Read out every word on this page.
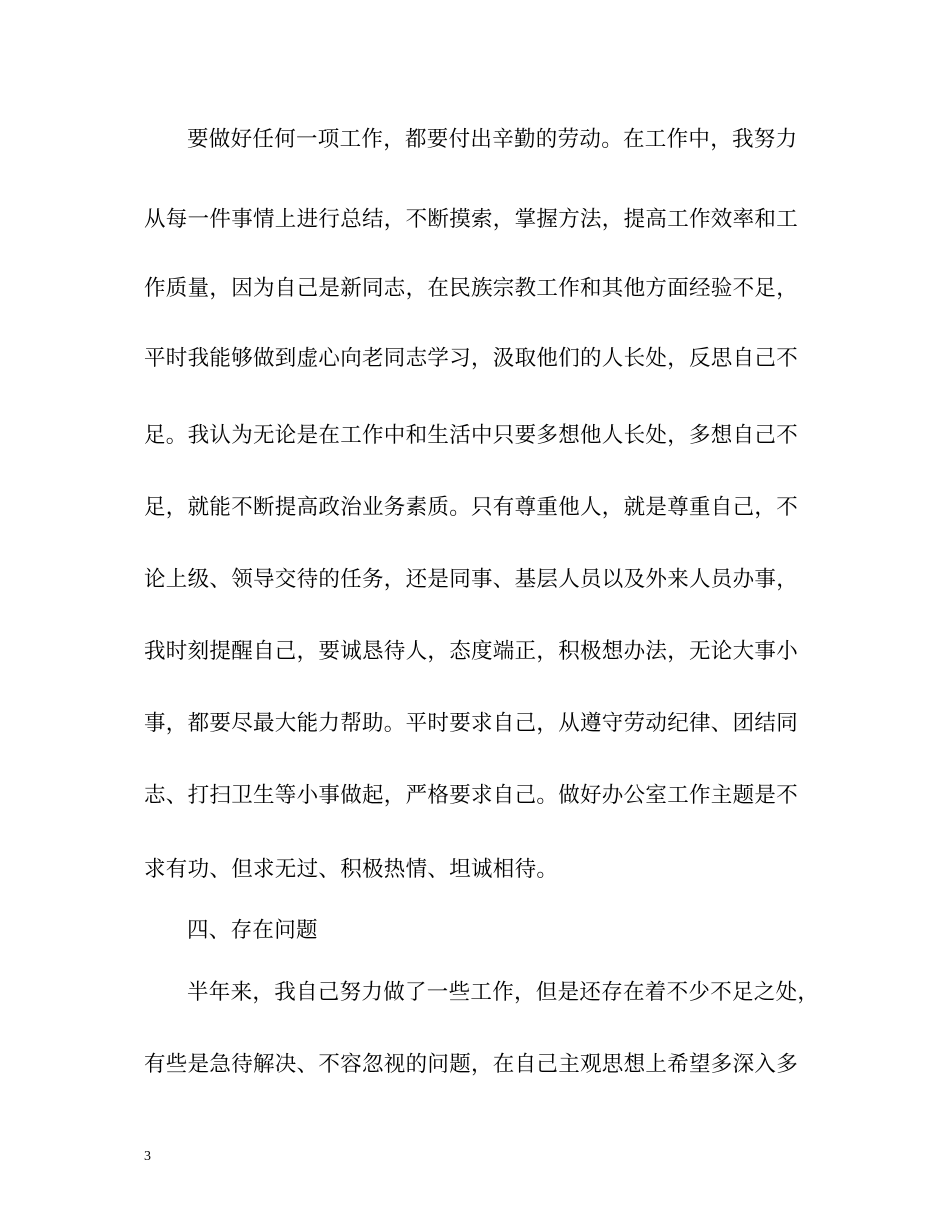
要做好任何一项工作，都要付出辛勤的劳动。在工作中，我努力
从每一件事情上进行总结，不断摸索，掌握方法，提高工作效率和工
作质量，因为自己是新同志，在民族宗教工作和其他方面经验不足，
平时我能够做到虚心向老同志学习，汲取他们的人长处，反思自己不
足。我认为无论是在工作中和生活中只要多想他人长处，多想自己不
足，就能不断提高政治业务素质。只有尊重他人，就是尊重自己，不
论上级、领导交待的任务，还是同事、基层人员以及外来人员办事，
我时刻提醒自己，要诚恳待人，态度端正，积极想办法，无论大事小
事，都要尽最大能力帮助。平时要求自己，从遵守劳动纪律、团结同
志、打扫卫生等小事做起，严格要求自己。做好办公室工作主题是不
求有功、但求无过、积极热情、坦诚相待。
四、存在问题
半年来，我自己努力做了一些工作，但是还存在着不少不足之处，
有些是急待解决、不容忽视的问题，在自己主观思想上希望多深入多
3
